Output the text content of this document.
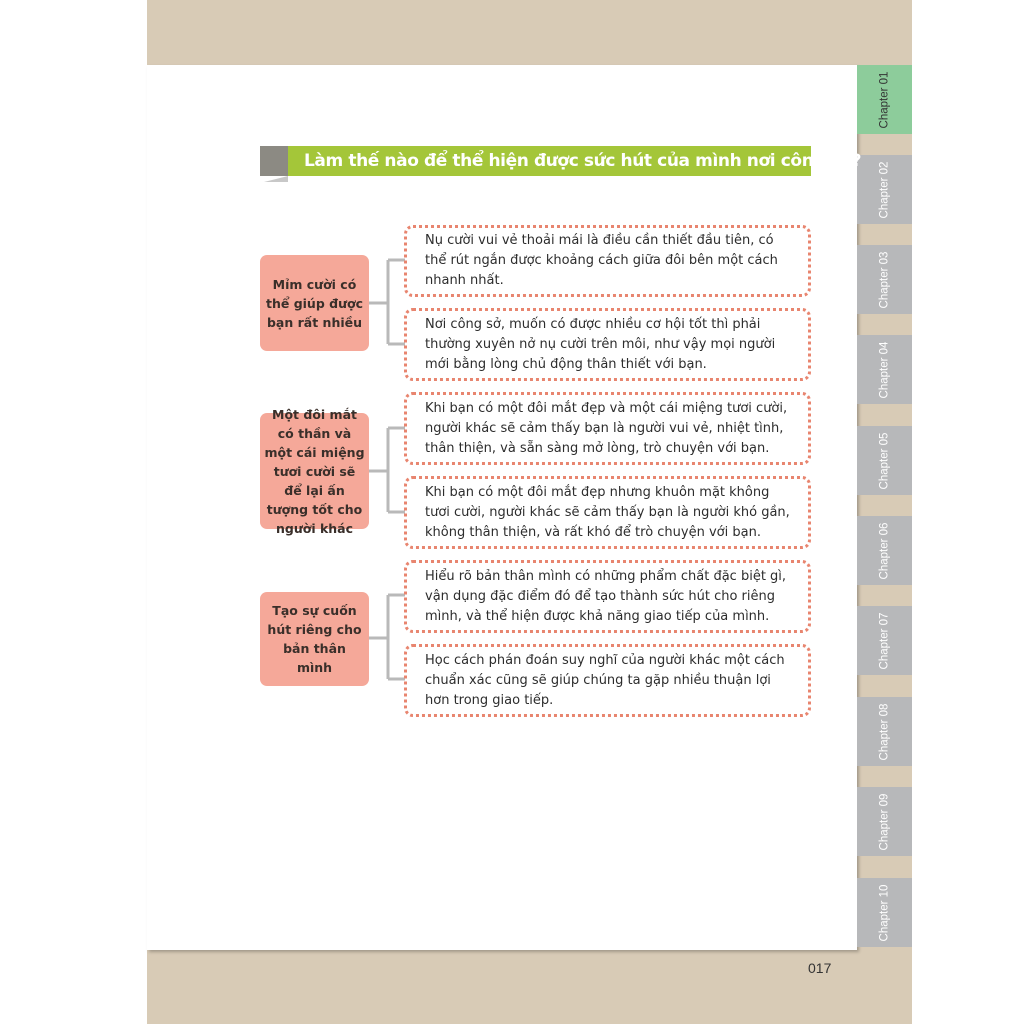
Chapter 01
Chapter 02
Chapter 03
Chapter 04
Chapter 05
Chapter 06
Chapter 07
Chapter 08
Chapter 09
Chapter 10
Làm thế nào để thể hiện được sức hút của mình nơi công sở?
Mỉm cười có thể giúp được bạn rất nhiều
Nụ cười vui vẻ thoải mái là điều cần thiết đầu tiên, có thể rút ngắn được khoảng cách giữa đôi bên một cách nhanh nhất.
Nơi công sở, muốn có được nhiều cơ hội tốt thì phải thường xuyên nở nụ cười trên môi, như vậy mọi người mới bằng lòng chủ động thân thiết với bạn.
Một đôi mắt có thần và một cái miệng tươi cười sẽ để lại ấn tượng tốt cho người khác
Khi bạn có một đôi mắt đẹp và một cái miệng tươi cười, người khác sẽ cảm thấy bạn là người vui vẻ, nhiệt tình, thân thiện, và sẵn sàng mở lòng, trò chuyện với bạn.
Khi bạn có một đôi mắt đẹp nhưng khuôn mặt không tươi cười, người khác sẽ cảm thấy bạn là người khó gần, không thân thiện, và rất khó để trò chuyện với bạn.
Tạo sự cuốn hút riêng cho bản thân mình
Hiểu rõ bản thân mình có những phẩm chất đặc biệt gì, vận dụng đặc điểm đó để tạo thành sức hút cho riêng mình, và thể hiện được khả năng giao tiếp của mình.
Học cách phán đoán suy nghĩ của người khác một cách chuẩn xác cũng sẽ giúp chúng ta gặp nhiều thuận lợi hơn trong giao tiếp.
017
